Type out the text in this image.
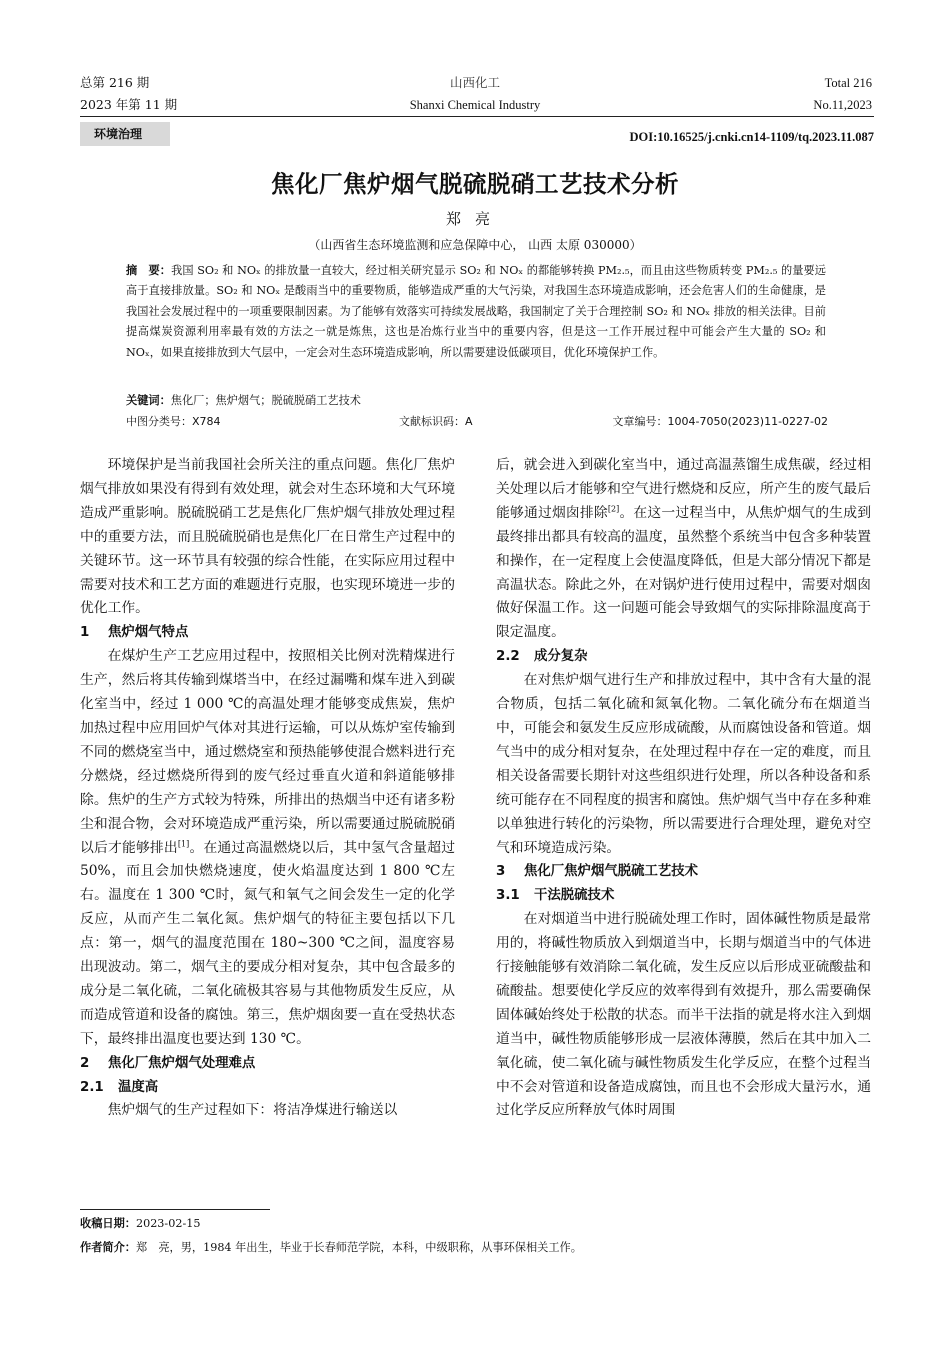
总第 216 期	山西化工	Total 216
2023 年第 11 期	Shanxi Chemical Industry	No.11,2023
环境治理	DOI:10.16525/j.cnki.cn14-1109/tq.2023.11.087
焦化厂焦炉烟气脱硫脱硝工艺技术分析
郑亮
（山西省生态环境监测和应急保障中心， 山西 太原 030000）
摘　要：我国 SO₂ 和 NOₓ 的排放量一直较大，经过相关研究显示 SO₂ 和 NOₓ 的都能够转换 PM₂.₅，而且由这些物质转变 PM₂.₅ 的量要远高于直接排放量。SO₂ 和 NOₓ 是酸雨当中的重要物质，能够造成严重的大气污染，对我国生态环境造成影响，还会危害人们的生命健康，是我国社会发展过程中的一项重要限制因素。为了能够有效落实可持续发展战略，我国制定了关于合理控制 SO₂ 和 NOₓ 排放的相关法律。目前提高煤炭资源利用率最有效的方法之一就是炼焦，这也是冶炼行业当中的重要内容，但是这一工作开展过程中可能会产生大量的 SO₂ 和 NOₓ，如果直接排放到大气层中，一定会对生态环境造成影响，所以需要建设低碳项目，优化环境保护工作。
关键词：焦化厂；焦炉烟气；脱硫脱硝工艺技术
中图分类号：X784	文献标识码：A	文章编号：1004-7050(2023)11-0227-02

环境保护是当前我国社会所关注的重点问题。焦化厂焦炉烟气排放如果没有得到有效处理，就会对生态环境和大气环境造成严重影响。脱硫脱硝工艺是焦化厂焦炉烟气排放处理过程中的重要方法，而且脱硫脱硝也是焦化厂在日常生产过程中的关键环节。这一环节具有较强的综合性能，在实际应用过程中需要对技术和工艺方面的难题进行克服，也实现环境进一步的优化工作。

1 焦炉烟气特点

在煤炉生产工艺应用过程中，按照相关比例对洗精煤进行生产，然后将其传输到煤塔当中，在经过漏嘴和煤车进入到碳化室当中，经过 1 000 ℃的高温处理才能够变成焦炭，焦炉加热过程中应用回炉气体对其进行运输，可以从炼炉室传输到不同的燃烧室当中，通过燃烧室和预热能够使混合燃料进行充分燃烧，经过燃烧所得到的废气经过垂直火道和斜道能够排除。焦炉的生产方式较为特殊，所排出的热烟当中还有诸多粉尘和混合物，会对环境造成严重污染，所以需要通过脱硫脱硝以后才能够排出[1]。在通过高温燃烧以后，其中氢气含量超过 50%，而且会加快燃烧速度，使火焰温度达到 1 800 ℃左右。温度在 1 300 ℃时，氮气和氧气之间会发生一定的化学反应，从而产生二氧化氮。焦炉烟气的特征主要包括以下几点：第一，烟气的温度范围在 180~300 ℃之间，温度容易出现波动。第二，烟气主的要成分相对复杂，其中包含最多的成分是二氧化硫，二氧化硫极其容易与其他物质发生反应，从而造成管道和设备的腐蚀。第三，焦炉烟囱要一直在受热状态下，最终排出温度也要达到 130 ℃。

2 焦化厂焦炉烟气处理难点
2.1 温度高

焦炉烟气的生产过程如下：将洁净煤进行输送以

后，就会进入到碳化室当中，通过高温蒸馏生成焦碳，经过相关处理以后才能够和空气进行燃烧和反应，所产生的废气最后能够通过烟囱排除[2]。在这一过程当中，从焦炉烟气的生成到最终排出都具有较高的温度，虽然整个系统当中包含多种装置和操作，在一定程度上会使温度降低，但是大部分情况下都是高温状态。除此之外，在对锅炉进行使用过程中，需要对烟囱做好保温工作。这一问题可能会导致烟气的实际排除温度高于限定温度。

2.2 成分复杂

在对焦炉烟气进行生产和排放过程中，其中含有大量的混合物质，包括二氧化硫和氮氧化物。二氧化硫分布在烟道当中，可能会和氨发生反应形成硫酸，从而腐蚀设备和管道。烟气当中的成分相对复杂，在处理过程中存在一定的难度，而且相关设备需要长期针对这些组织进行处理，所以各种设备和系统可能存在不同程度的损害和腐蚀。焦炉烟气当中存在多种难以单独进行转化的污染物，所以需要进行合理处理，避免对空气和环境造成污染。

3 焦化厂焦炉烟气脱硫工艺技术
3.1 干法脱硫技术

在对烟道当中进行脱硫处理工作时，固体碱性物质是最常用的，将碱性物质放入到烟道当中，长期与烟道当中的气体进行接触能够有效消除二氧化硫，发生反应以后形成亚硫酸盐和硫酸盐。想要使化学反应的效率得到有效提升，那么需要确保固体碱始终处于松散的状态。而半干法指的就是将水注入到烟道当中，碱性物质能够形成一层液体薄膜，然后在其中加入二氧化硫，使二氧化硫与碱性物质发生化学反应，在整个过程当中不会对管道和设备造成腐蚀，而且也不会形成大量污水，通过化学反应所释放气体时周围

收稿日期：2023-02-15
作者简介：郑　亮，男，1984 年出生，毕业于长春师范学院，本科，中级职称，从事环保相关工作。
